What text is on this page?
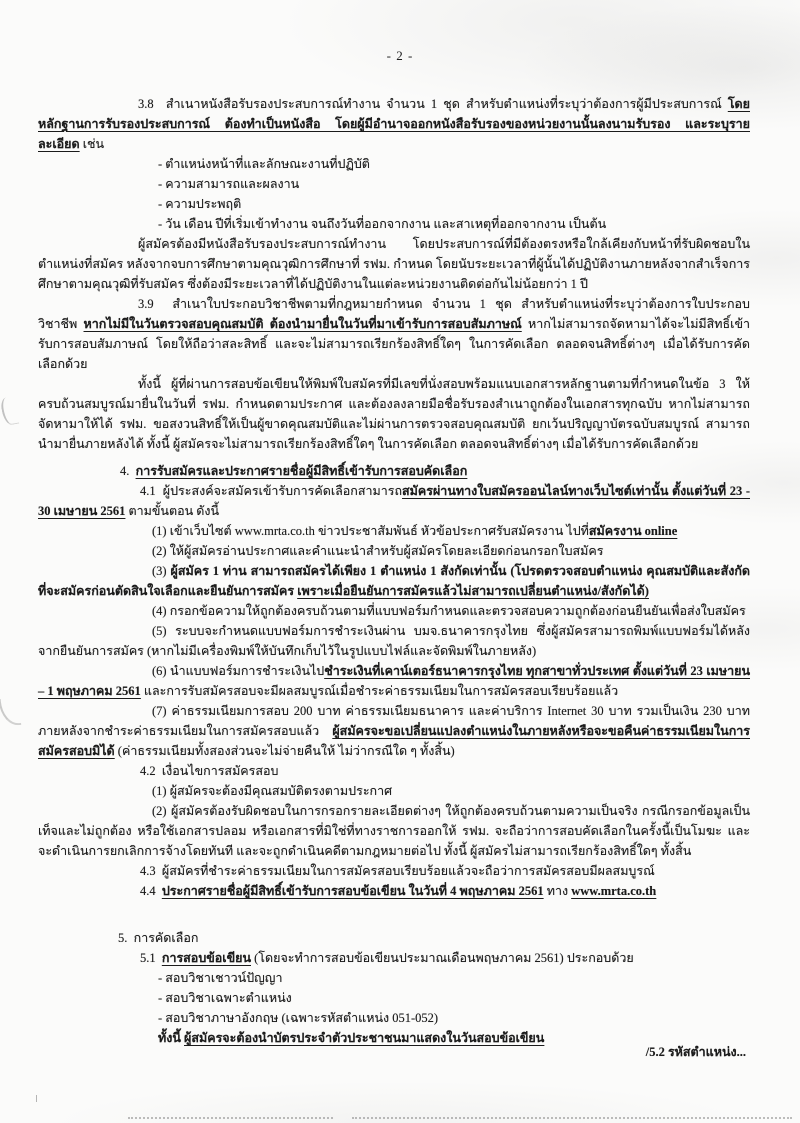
- 2 -
3.8  สำเนาหนังสือรับรองประสบการณ์ทำงาน จำนวน 1 ชุด สำหรับตำแหน่งที่ระบุว่าต้องการผู้มีประสบการณ์ โดยหลักฐานการรับรองประสบการณ์ ต้องทำเป็นหนังสือ โดยผู้มีอำนาจออกหนังสือรับรองของหน่วยงานนั้นลงนามรับรอง และระบุรายละเอียด เช่น
- ตำแหน่งหน้าที่และลักษณะงานที่ปฏิบัติ
- ความสามารถและผลงาน
- ความประพฤติ
- วัน เดือน ปีที่เริ่มเข้าทำงาน จนถึงวันที่ออกจากงาน และสาเหตุที่ออกจากงาน เป็นต้น
ผู้สมัครต้องมีหนังสือรับรองประสบการณ์ทำงาน โดยประสบการณ์ที่มีต้องตรงหรือใกล้เคียงกับหน้าที่รับผิดชอบในตำแหน่งที่สมัคร หลังจากจบการศึกษาตามคุณวุฒิการศึกษาที่ รฟม. กำหนด โดยนับระยะเวลาที่ผู้นั้นได้ปฏิบัติงานภายหลังจากสำเร็จการศึกษาตามคุณวุฒิที่รับสมัคร ซึ่งต้องมีระยะเวลาที่ได้ปฏิบัติงานในแต่ละหน่วยงานติดต่อกันไม่น้อยกว่า 1 ปี
3.9  สำเนาใบประกอบวิชาชีพตามที่กฎหมายกำหนด จำนวน 1 ชุด สำหรับตำแหน่งที่ระบุว่าต้องการใบประกอบวิชาชีพ หากไม่มีในวันตรวจสอบคุณสมบัติ ต้องนำมายื่นในวันที่มาเข้ารับการสอบสัมภาษณ์ หากไม่สามารถจัดหามาได้จะไม่มีสิทธิ์เข้ารับการสอบสัมภาษณ์ โดยให้ถือว่าสละสิทธิ์ และจะไม่สามารถเรียกร้องสิทธิ์ใดๆ ในการคัดเลือก ตลอดจนสิทธิ์ต่างๆ เมื่อได้รับการคัดเลือกด้วย
ทั้งนี้ ผู้ที่ผ่านการสอบข้อเขียนให้พิมพ์ใบสมัครที่มีเลขที่นั่งสอบพร้อมแนบเอกสารหลักฐานตามที่กำหนดในข้อ 3 ให้ครบถ้วนสมบูรณ์มายื่นในวันที่ รฟม. กำหนดตามประกาศ และต้องลงลายมือชื่อรับรองสำเนาถูกต้องในเอกสารทุกฉบับ หากไม่สามารถจัดหามาให้ได้ รฟม. ขอสงวนสิทธิ์ให้เป็นผู้ขาดคุณสมบัติและไม่ผ่านการตรวจสอบคุณสมบัติ ยกเว้นปริญญาบัตรฉบับสมบูรณ์ สามารถนำมายื่นภายหลังได้ ทั้งนี้ ผู้สมัครจะไม่สามารถเรียกร้องสิทธิ์ใดๆ ในการคัดเลือก ตลอดจนสิทธิ์ต่างๆ เมื่อได้รับการคัดเลือกด้วย
4.  การรับสมัครและประกาศรายชื่อผู้มีสิทธิ์เข้ารับการสอบคัดเลือก
4.1  ผู้ประสงค์จะสมัครเข้ารับการคัดเลือกสามารถสมัครผ่านทางใบสมัครออนไลน์ทางเว็บไซต์เท่านั้น ตั้งแต่วันที่ 23 - 30 เมษายน 2561 ตามขั้นตอน ดังนี้
(1) เข้าเว็บไซต์ www.mrta.co.th ข่าวประชาสัมพันธ์ หัวข้อประกาศรับสมัครงาน ไปที่สมัครงาน online
(2) ให้ผู้สมัครอ่านประกาศและคำแนะนำสำหรับผู้สมัครโดยละเอียดก่อนกรอกใบสมัคร
(3) ผู้สมัคร 1 ท่าน สามารถสมัครได้เพียง 1 ตำแหน่ง 1 สังกัดเท่านั้น (โปรดตรวจสอบตำแหน่ง คุณสมบัติและสังกัดที่จะสมัครก่อนตัดสินใจเลือกและยืนยันการสมัคร เพราะเมื่อยืนยันการสมัครแล้วไม่สามารถเปลี่ยนตำแหน่ง/สังกัดได้)
(4) กรอกข้อความให้ถูกต้องครบถ้วนตามที่แบบฟอร์มกำหนดและตรวจสอบความถูกต้องก่อนยืนยันเพื่อส่งใบสมัคร
(5) ระบบจะกำหนดแบบฟอร์มการชำระเงินผ่าน บมจ.ธนาคารกรุงไทย ซึ่งผู้สมัครสามารถพิมพ์แบบฟอร์มได้หลังจากยืนยันการสมัคร (หากไม่มีเครื่องพิมพ์ให้บันทึกเก็บไว้ในรูปแบบไฟล์และจัดพิมพ์ในภายหลัง)
(6) นำแบบฟอร์มการชำระเงินไปชำระเงินที่เคาน์เตอร์ธนาคารกรุงไทย ทุกสาขาทั่วประเทศ ตั้งแต่วันที่ 23 เมษายน – 1 พฤษภาคม 2561 และการรับสมัครสอบจะมีผลสมบูรณ์เมื่อชำระค่าธรรมเนียมในการสมัครสอบเรียบร้อยแล้ว
(7) ค่าธรรมเนียมการสอบ 200 บาท ค่าธรรมเนียมธนาคาร และค่าบริการ Internet 30 บาท รวมเป็นเงิน 230 บาท ภายหลังจากชำระค่าธรรมเนียมในการสมัครสอบแล้ว ผู้สมัครจะขอเปลี่ยนแปลงตำแหน่งในภายหลังหรือจะขอคืนค่าธรรมเนียมในการสมัครสอบมิได้ (ค่าธรรมเนียมทั้งสองส่วนจะไม่จ่ายคืนให้ ไม่ว่ากรณีใด ๆ ทั้งสิ้น)
4.2  เงื่อนไขการสมัครสอบ
(1) ผู้สมัครจะต้องมีคุณสมบัติตรงตามประกาศ
(2) ผู้สมัครต้องรับผิดชอบในการกรอกรายละเอียดต่างๆ ให้ถูกต้องครบถ้วนตามความเป็นจริง กรณีกรอกข้อมูลเป็นเท็จและไม่ถูกต้อง หรือใช้เอกสารปลอม หรือเอกสารที่มิใช่ที่ทางราชการออกให้ รฟม. จะถือว่าการสอบคัดเลือกในครั้งนี้เป็นโมฆะ และจะดำเนินการยกเลิกการจ้างโดยทันที และจะถูกดำเนินคดีตามกฎหมายต่อไป ทั้งนี้ ผู้สมัครไม่สามารถเรียกร้องสิทธิ์ใดๆ ทั้งสิ้น
4.3  ผู้สมัครที่ชำระค่าธรรมเนียมในการสมัครสอบเรียบร้อยแล้วจะถือว่าการสมัครสอบมีผลสมบูรณ์
4.4  ประกาศรายชื่อผู้มีสิทธิ์เข้ารับการสอบข้อเขียน ในวันที่ 4 พฤษภาคม 2561 ทาง www.mrta.co.th
5.  การคัดเลือก
5.1  การสอบข้อเขียน (โดยจะทำการสอบข้อเขียนประมาณเดือนพฤษภาคม 2561) ประกอบด้วย
- สอบวิชาเชาวน์ปัญญา
- สอบวิชาเฉพาะตำแหน่ง
- สอบวิชาภาษาอังกฤษ (เฉพาะรหัสตำแหน่ง 051-052)
ทั้งนี้ ผู้สมัครจะต้องนำบัตรประจำตัวประชาชนมาแสดงในวันสอบข้อเขียน
/5.2 รหัสตำแหน่ง...
